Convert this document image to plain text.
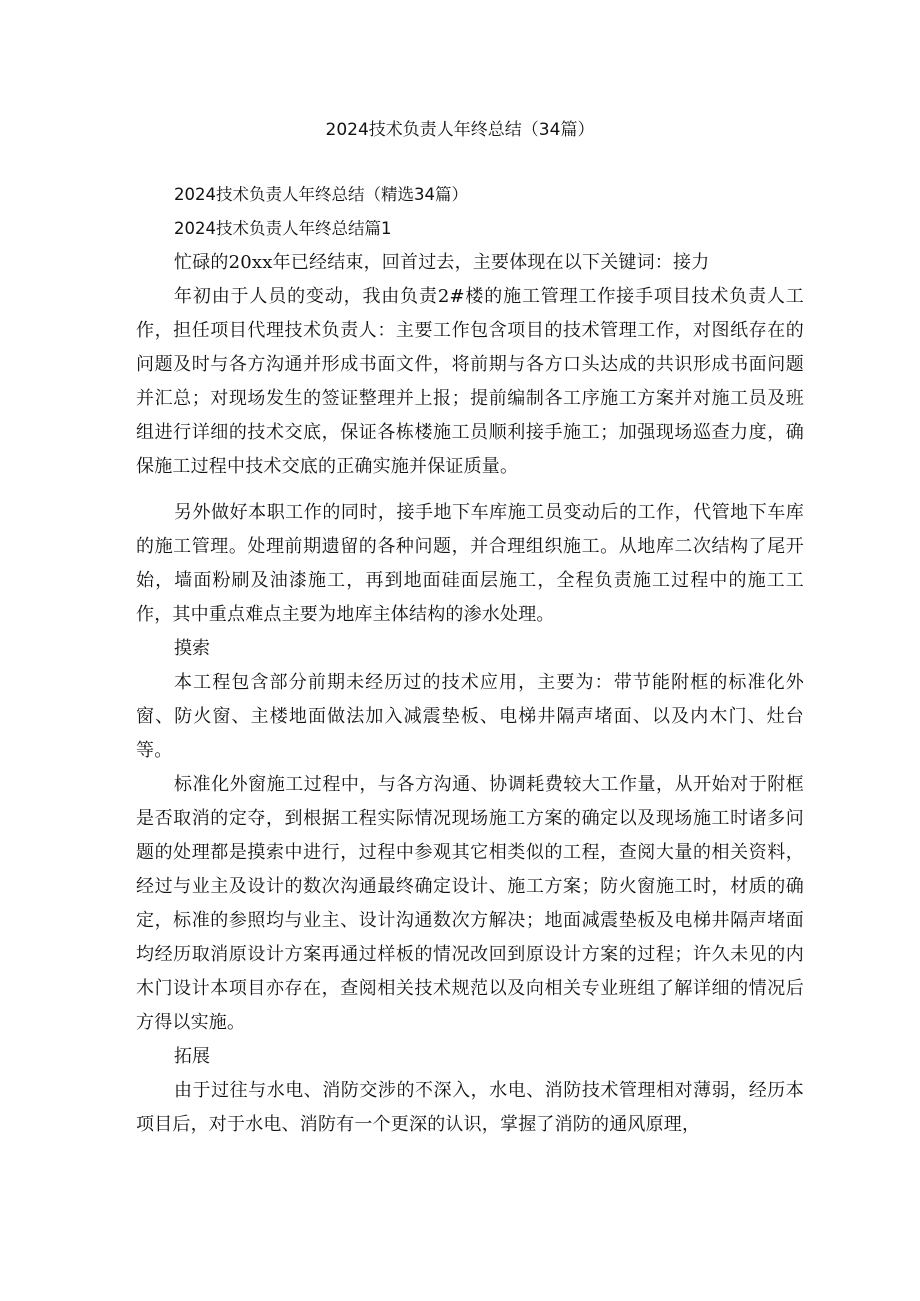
2024技术负责人年终总结（34篇）

2024技术负责人年终总结（精选34篇）

2024技术负责人年终总结篇1

忙碌的20xx年已经结束，回首过去，主要体现在以下关键词：接力

年初由于人员的变动，我由负责2#楼的施工管理工作接手项目技术负责人工作，担任项目代理技术负责人：主要工作包含项目的技术管理工作，对图纸存在的问题及时与各方沟通并形成书面文件，将前期与各方口头达成的共识形成书面问题并汇总；对现场发生的签证整理并上报；提前编制各工序施工方案并对施工员及班组进行详细的技术交底，保证各栋楼施工员顺利接手施工；加强现场巡查力度，确保施工过程中技术交底的正确实施并保证质量。

另外做好本职工作的同时，接手地下车库施工员变动后的工作，代管地下车库的施工管理。处理前期遗留的各种问题，并合理组织施工。从地库二次结构了尾开始，墙面粉刷及油漆施工，再到地面硅面层施工，全程负责施工过程中的施工工作，其中重点难点主要为地库主体结构的渗水处理。

摸索

本工程包含部分前期未经历过的技术应用，主要为：带节能附框的标准化外窗、防火窗、主楼地面做法加入减震垫板、电梯井隔声堵面、以及内木门、灶台等。

标准化外窗施工过程中，与各方沟通、协调耗费较大工作量，从开始对于附框是否取消的定夺，到根据工程实际情况现场施工方案的确定以及现场施工时诸多问题的处理都是摸索中进行，过程中参观其它相类似的工程，查阅大量的相关资料，经过与业主及设计的数次沟通最终确定设计、施工方案；防火窗施工时，材质的确定，标准的参照均与业主、设计沟通数次方解决；地面减震垫板及电梯井隔声堵面均经历取消原设计方案再通过样板的情况改回到原设计方案的过程；许久未见的内木门设计本项目亦存在，查阅相关技术规范以及向相关专业班组了解详细的情况后方得以实施。

拓展

由于过往与水电、消防交涉的不深入，水电、消防技术管理相对薄弱，经历本项目后，对于水电、消防有一个更深的认识，掌握了消防的通风原理，
